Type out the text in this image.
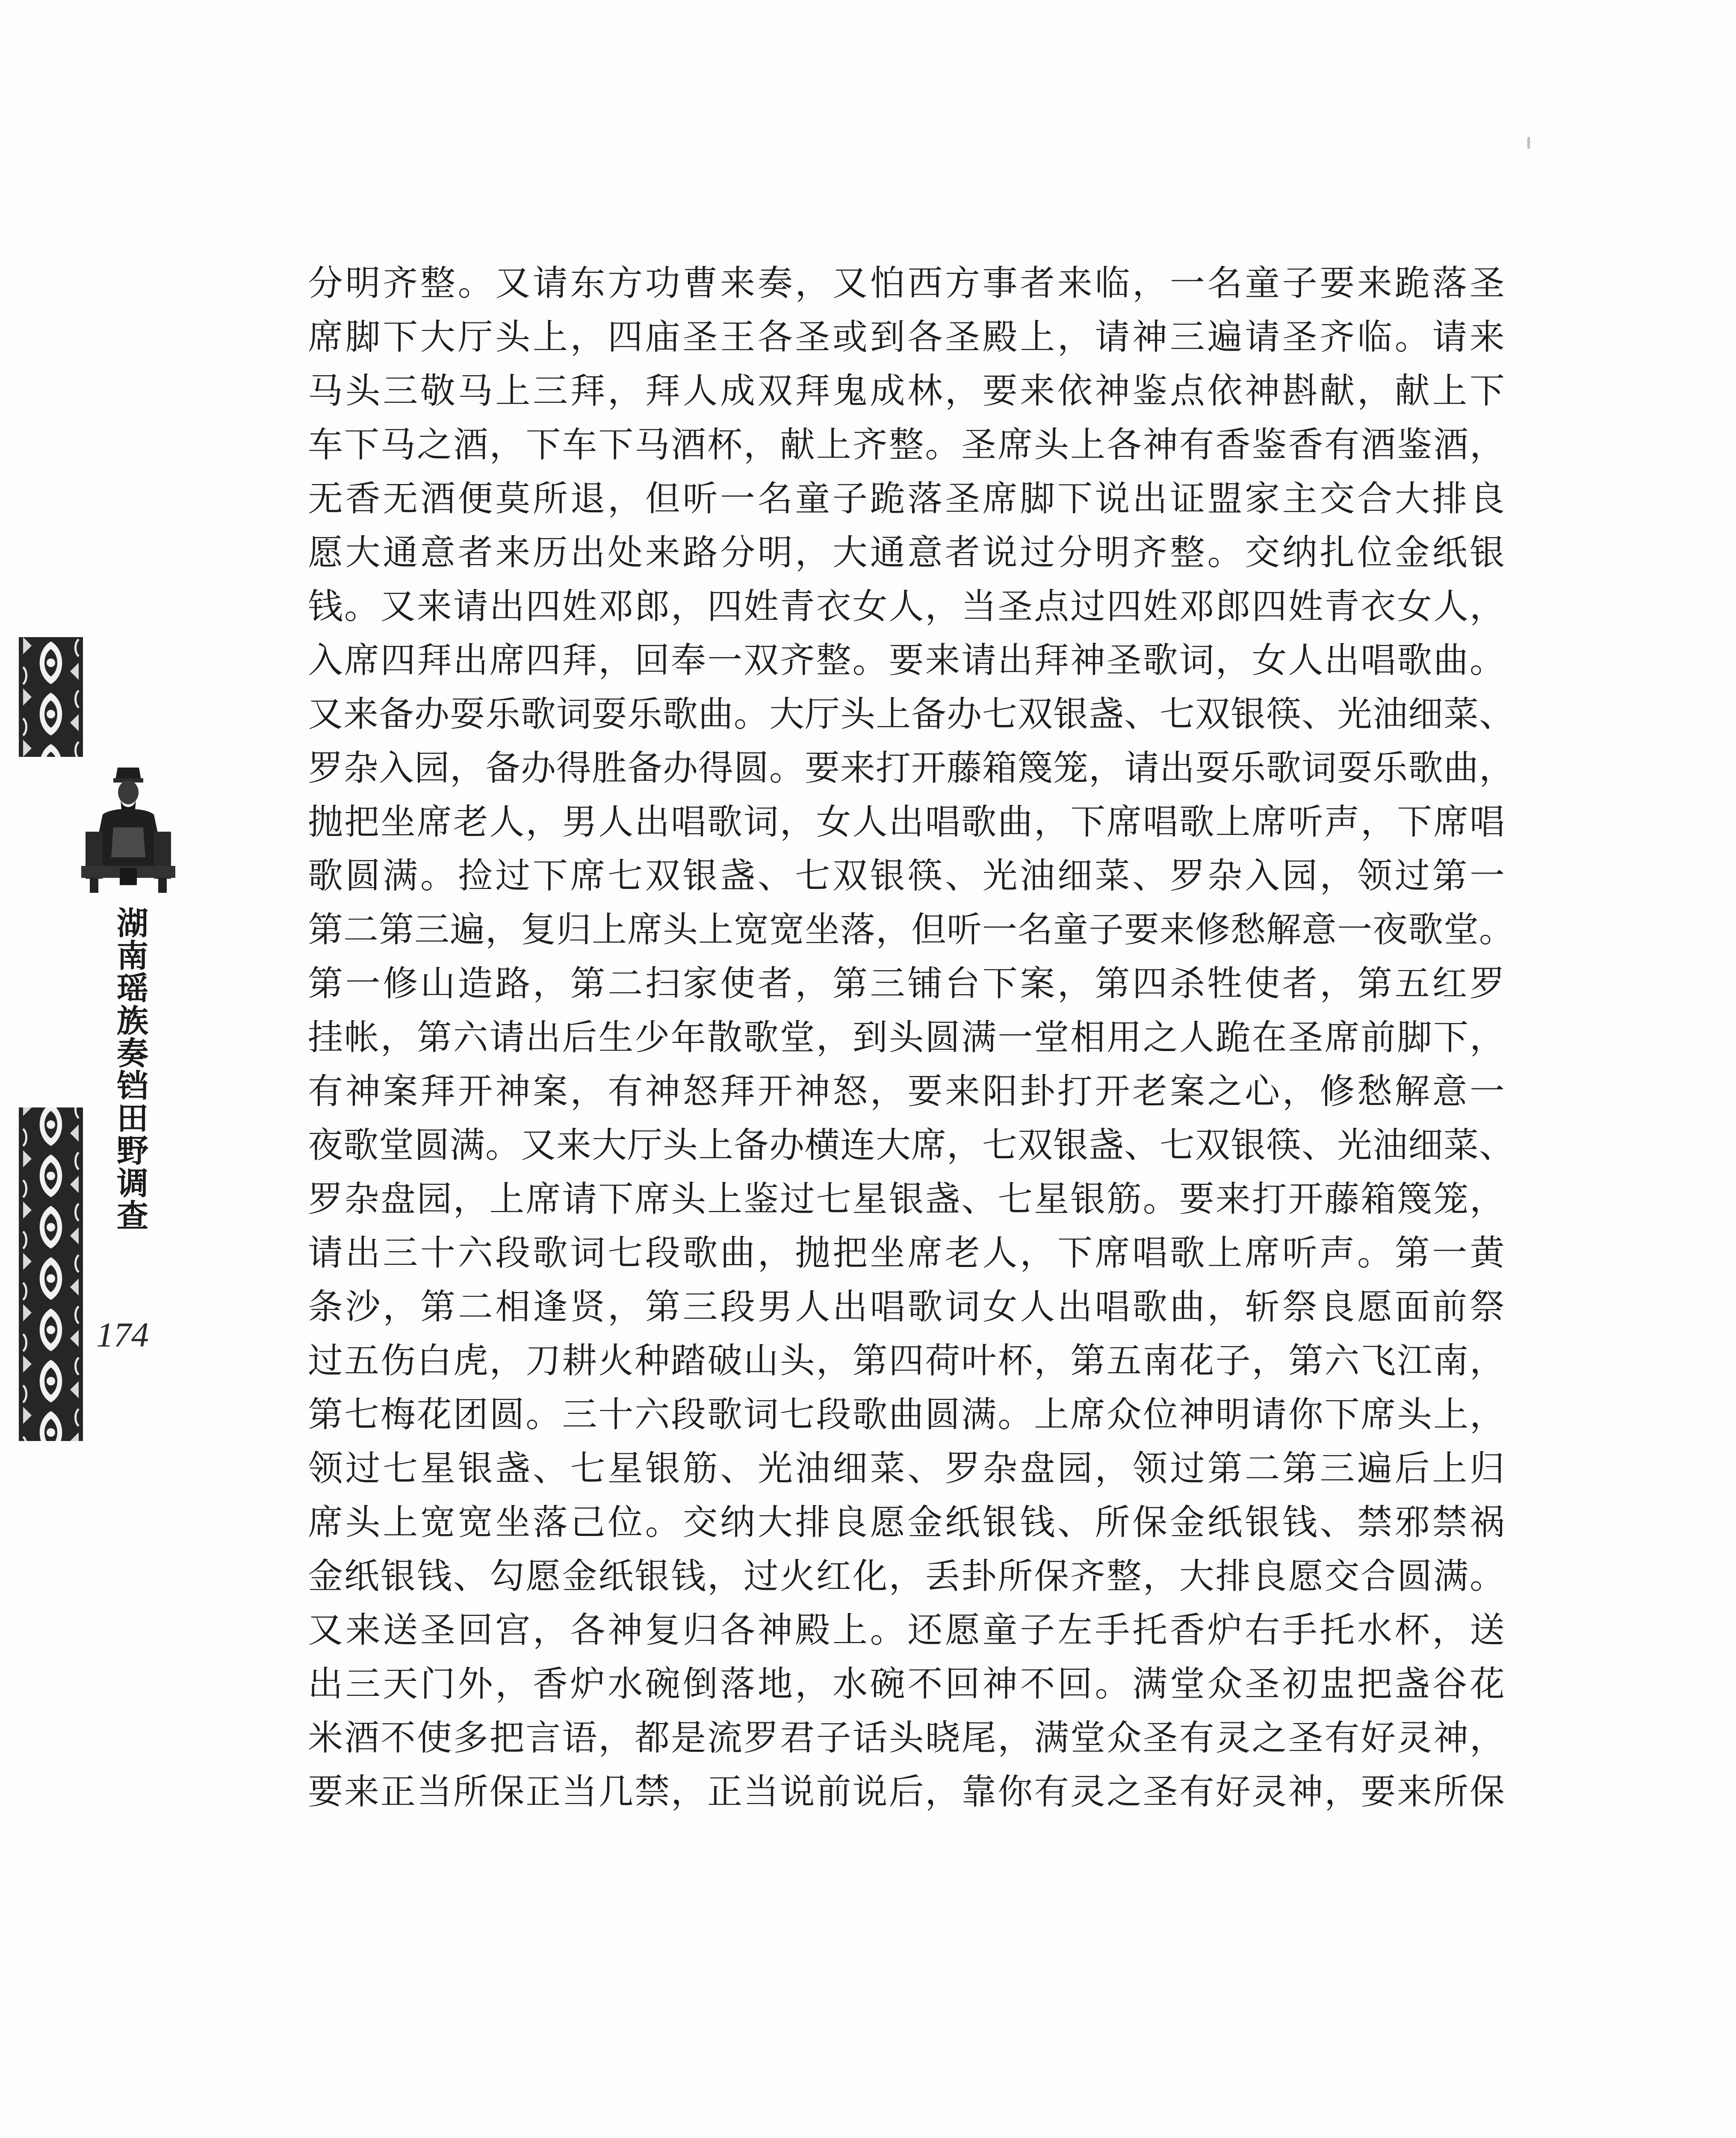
湖南瑶族奏铛田野调查
174
分明齐整。又请东方功曹来奏，又怕西方事者来临，一名童子要来跪落圣
席脚下大厅头上，四庙圣王各圣或到各圣殿上，请神三遍请圣齐临。请来
马头三敬马上三拜，拜人成双拜鬼成林，要来依神鉴点依神斟献，献上下
车下马之酒，下车下马酒杯，献上齐整。圣席头上各神有香鉴香有酒鉴酒，
无香无酒便莫所退，但听一名童子跪落圣席脚下说出证盟家主交合大排良
愿大通意者来历出处来路分明，大通意者说过分明齐整。交纳扎位金纸银
钱。又来请出四姓邓郎，四姓青衣女人，当圣点过四姓邓郎四姓青衣女人，
入席四拜出席四拜，回奉一双齐整。要来请出拜神圣歌词，女人出唱歌曲。
又来备办耍乐歌词耍乐歌曲。大厅头上备办七双银盏、七双银筷、光油细菜、
罗杂入园，备办得胜备办得圆。要来打开藤箱篾笼，请出耍乐歌词耍乐歌曲，
抛把坐席老人，男人出唱歌词，女人出唱歌曲，下席唱歌上席听声，下席唱
歌圆满。捡过下席七双银盏、七双银筷、光油细菜、罗杂入园，领过第一
第二第三遍，复归上席头上宽宽坐落，但听一名童子要来修愁解意一夜歌堂。
第一修山造路，第二扫家使者，第三铺台下案，第四杀牲使者，第五红罗
挂帐，第六请出后生少年散歌堂，到头圆满一堂相用之人跪在圣席前脚下，
有神案拜开神案，有神怒拜开神怒，要来阳卦打开老案之心，修愁解意一
夜歌堂圆满。又来大厅头上备办横连大席，七双银盏、七双银筷、光油细菜、
罗杂盘园，上席请下席头上鉴过七星银盏、七星银筋。要来打开藤箱篾笼，
请出三十六段歌词七段歌曲，抛把坐席老人，下席唱歌上席听声。第一黄
条沙，第二相逢贤，第三段男人出唱歌词女人出唱歌曲，斩祭良愿面前祭
过五伤白虎，刀耕火种踏破山头，第四荷叶杯，第五南花子，第六飞江南，
第七梅花团圆。三十六段歌词七段歌曲圆满。上席众位神明请你下席头上，
领过七星银盏、七星银筋、光油细菜、罗杂盘园，领过第二第三遍后上归
席头上宽宽坐落己位。交纳大排良愿金纸银钱、所保金纸银钱、禁邪禁祸
金纸银钱、勾愿金纸银钱，过火红化，丢卦所保齐整，大排良愿交合圆满。
又来送圣回宫，各神复归各神殿上。还愿童子左手托香炉右手托水杯，送
出三天门外，香炉水碗倒落地，水碗不回神不回。满堂众圣初盅把盏谷花
米酒不使多把言语，都是流罗君子话头晓尾，满堂众圣有灵之圣有好灵神，
要来正当所保正当几禁，正当说前说后，靠你有灵之圣有好灵神，要来所保
